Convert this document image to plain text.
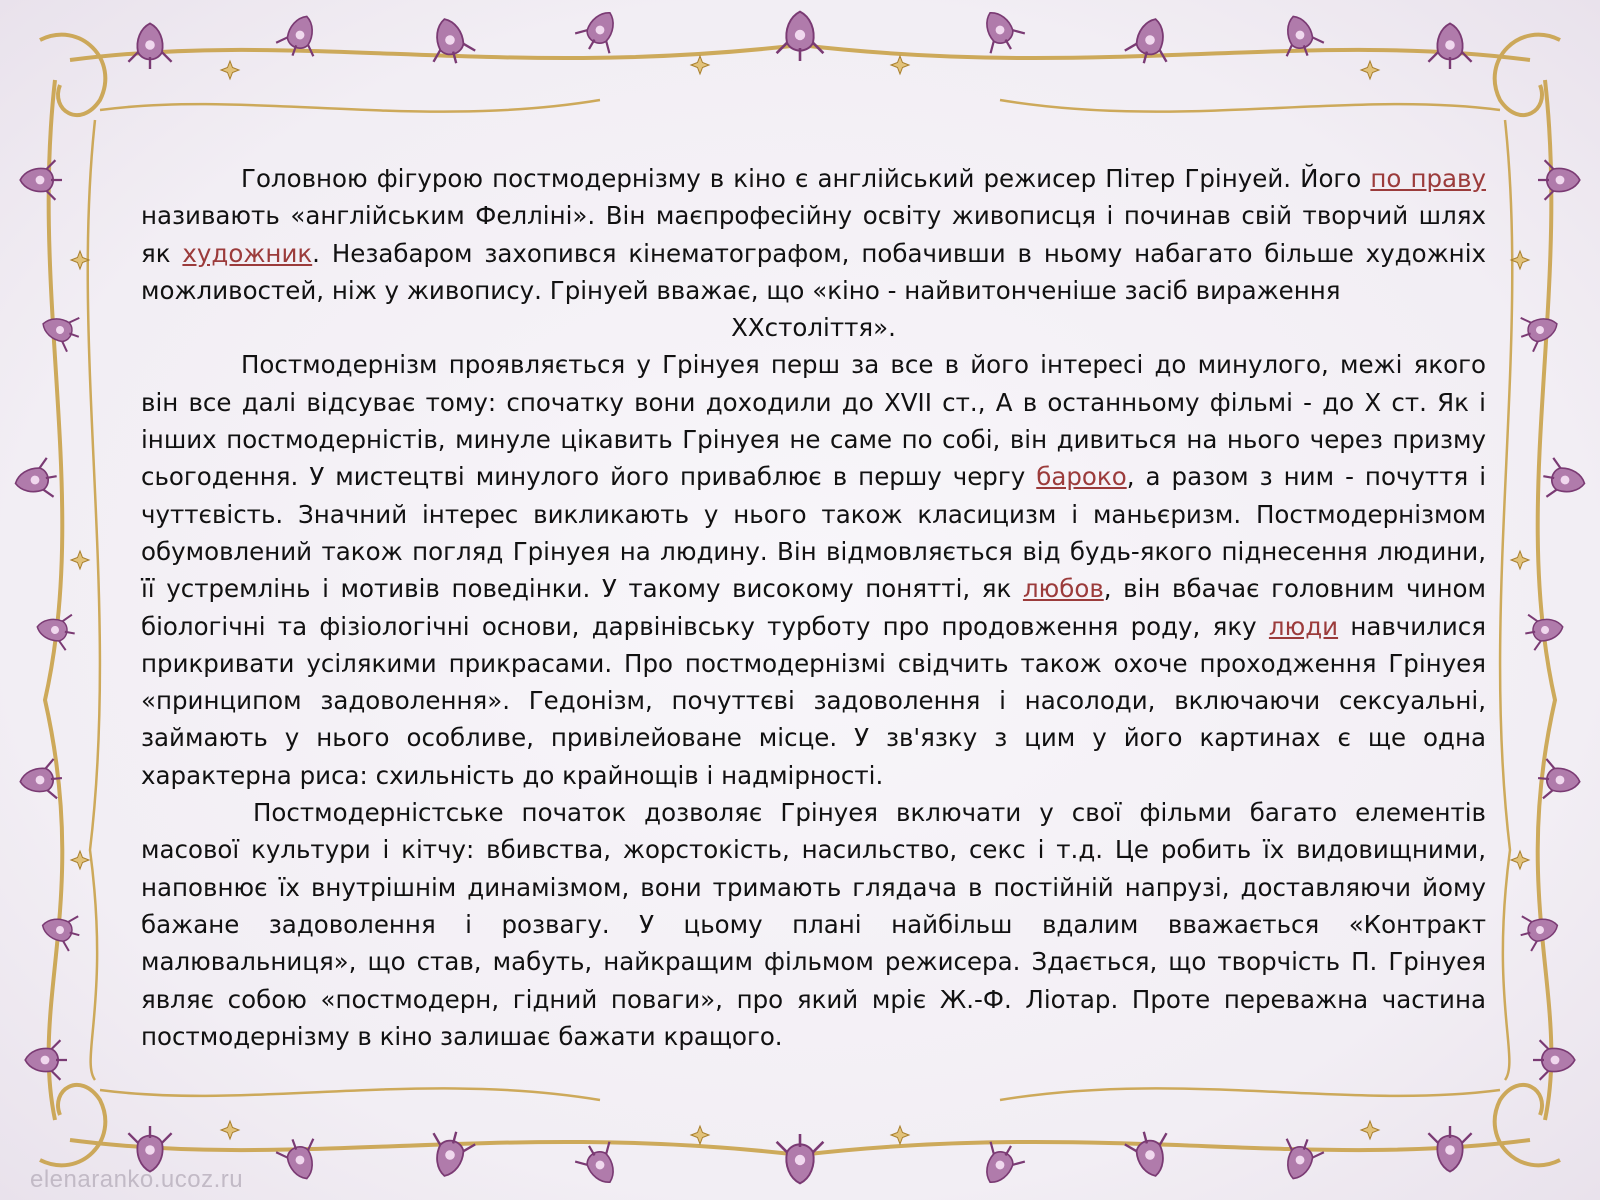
Головною фігурою постмодернізму в кіно є англійський режисер Пітер Грінуей. Його по праву називають «англійським Фелліні». Він маєпрофесійну освіту живописця і починав свій творчий шлях як художник. Незабаром захопився кінематографом, побачивши в ньому набагато більше художніх можливостей, ніж у живопису. Грінуей вважає, що «кіно - найвитонченіше засіб вираження

ХХстоліття».

Постмодернізм проявляється у Грінуея перш за все в його інтересі до минулого, межі якого він все далі відсуває тому: спочатку вони доходили до XVII ст., А в останньому фільмі - до X ст. Як і інших постмодерністів, минуле цікавить Грінуея не саме по собі, він дивиться на нього через призму сьогодення. У мистецтві минулого його приваблює в першу чергу бароко, а разом з ним - почуття і чуттєвість. Значний інтерес викликають у нього також класицизм і маньєризм. Постмодернізмом обумовлений також погляд Грінуея на людину. Він відмовляється від будь-якого піднесення людини, її устремлінь і мотивів поведінки. У такому високому понятті, як любов, він вбачає головним чином біологічні та фізіологічні основи, дарвінівську турботу про продовження роду, яку люди навчилися прикривати усілякими прикрасами. Про постмодернізмі свідчить також охоче проходження Грінуея «принципом задоволення». Гедонізм, почуттєві задоволення і насолоди, включаючи сексуальні, займають у нього особливе, привілейоване місце. У зв'язку з цим у його картинах є ще одна характерна риса: схильність до крайнощів і надмірності.

Постмодерністське початок дозволяє Грінуея включати у свої фільми багато елементів масової культури і кітчу: вбивства, жорстокість, насильство, секс і т.д. Це робить їх видовищними, наповнює їх внутрішнім динамізмом, вони тримають глядача в постійній напрузі, доставляючи йому бажане задоволення і розвагу. У цьому плані найбільш вдалим вважається «Контракт малювальниця», що став, мабуть, найкращим фільмом режисера. Здається, що творчість П. Грінуея являє собою «постмодерн, гідний поваги», про який мріє Ж.-Ф. Ліотар. Проте переважна частина постмодернізму в кіно залишає бажати кращого.

elenaranko.ucoz.ru
